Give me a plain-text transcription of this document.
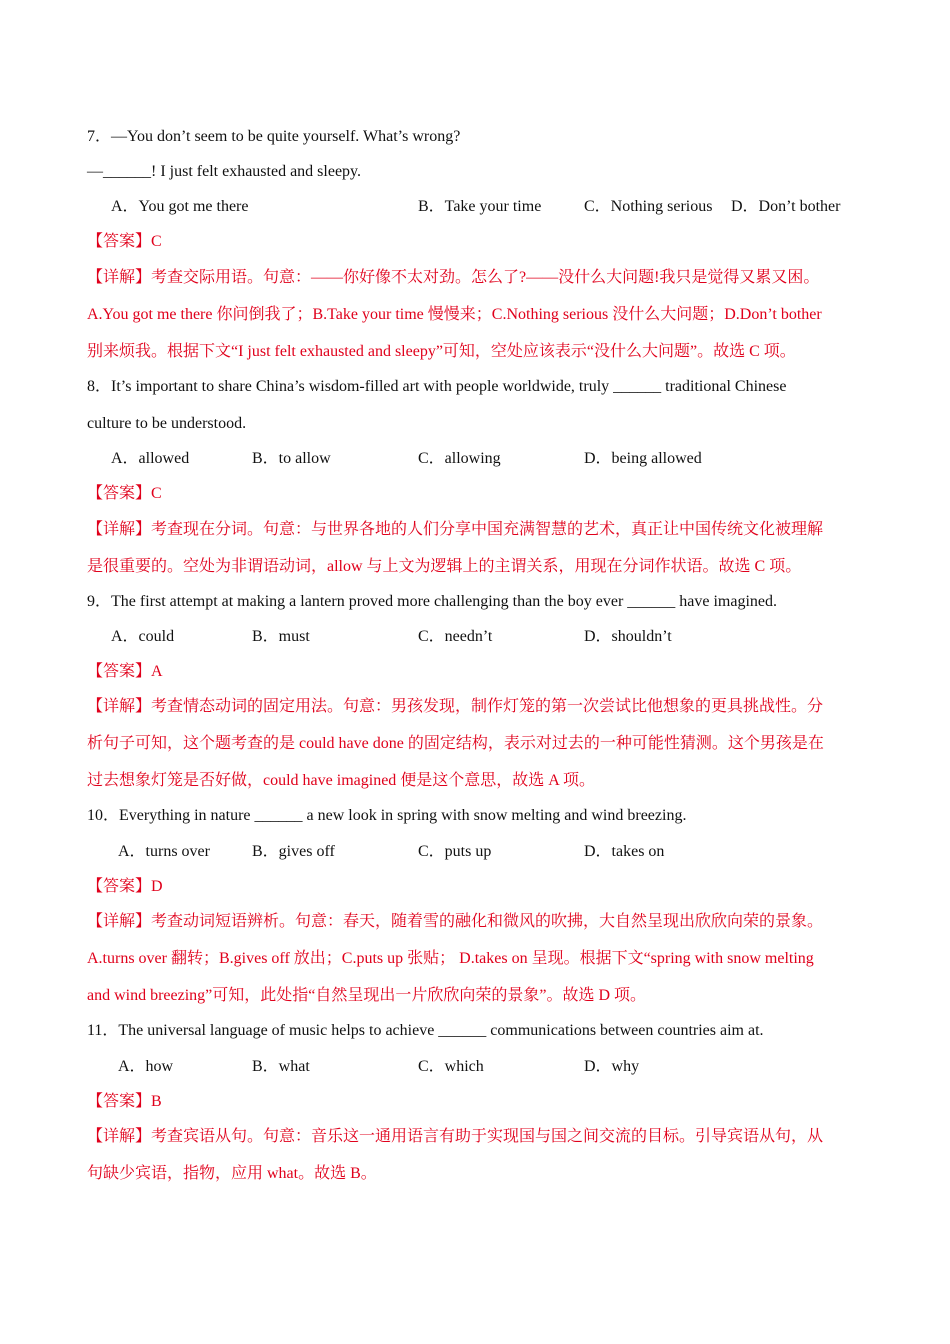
7．—You don’t seem to be quite yourself. What’s wrong?
—______! I just felt exhausted and sleepy.
A．You got me there	B．Take your time	C．Nothing serious D．Don’t bother
【答案】C
【详解】考查交际用语。句意：——你好像不太对劲。怎么了?——没什么大问题!我只是觉得又累又困。
A.You got me there 你问倒我了；B.Take your time 慢慢来；C.Nothing serious 没什么大问题；D.Don’t bother
别来烦我。根据下文“I just felt exhausted and sleepy”可知，空处应该表示“没什么大问题”。故选 C 项。
8．It’s important to share China’s wisdom-filled art with people worldwide, truly ______ traditional Chinese
culture to be understood.
A．allowed	B．to allow	C．allowing	D．being allowed
【答案】C
【详解】考查现在分词。句意：与世界各地的人们分享中国充满智慧的艺术，真正让中国传统文化被理解
是很重要的。空处为非谓语动词，allow 与上文为逻辑上的主谓关系，用现在分词作状语。故选 C 项。
9．The first attempt at making a lantern proved more challenging than the boy ever ______ have imagined.
A．could	B．must	C．needn’t	D．shouldn’t
【答案】A
【详解】考查情态动词的固定用法。句意：男孩发现，制作灯笼的第一次尝试比他想象的更具挑战性。分
析句子可知，这个题考查的是 could have done 的固定结构，表示对过去的一种可能性猜测。这个男孩是在
过去想象灯笼是否好做，could have imagined 便是这个意思，故选 A 项。
10．Everything in nature ______ a new look in spring with snow melting and wind breezing.
A．turns over	B．gives off	C．puts up	D．takes on
【答案】D
【详解】考查动词短语辨析。句意：春天，随着雪的融化和微风的吹拂，大自然呈现出欣欣向荣的景象。
A.turns over 翻转；B.gives off 放出；C.puts up 张贴； D.takes on 呈现。根据下文“spring with snow melting
and wind breezing”可知，此处指“自然呈现出一片欣欣向荣的景象”。故选 D 项。
11．The universal language of music helps to achieve ______ communications between countries aim at.
A．how	B．what	C．which	D．why
【答案】B
【详解】考查宾语从句。句意：音乐这一通用语言有助于实现国与国之间交流的目标。引导宾语从句，从
句缺少宾语，指物，应用 what。故选 B。
